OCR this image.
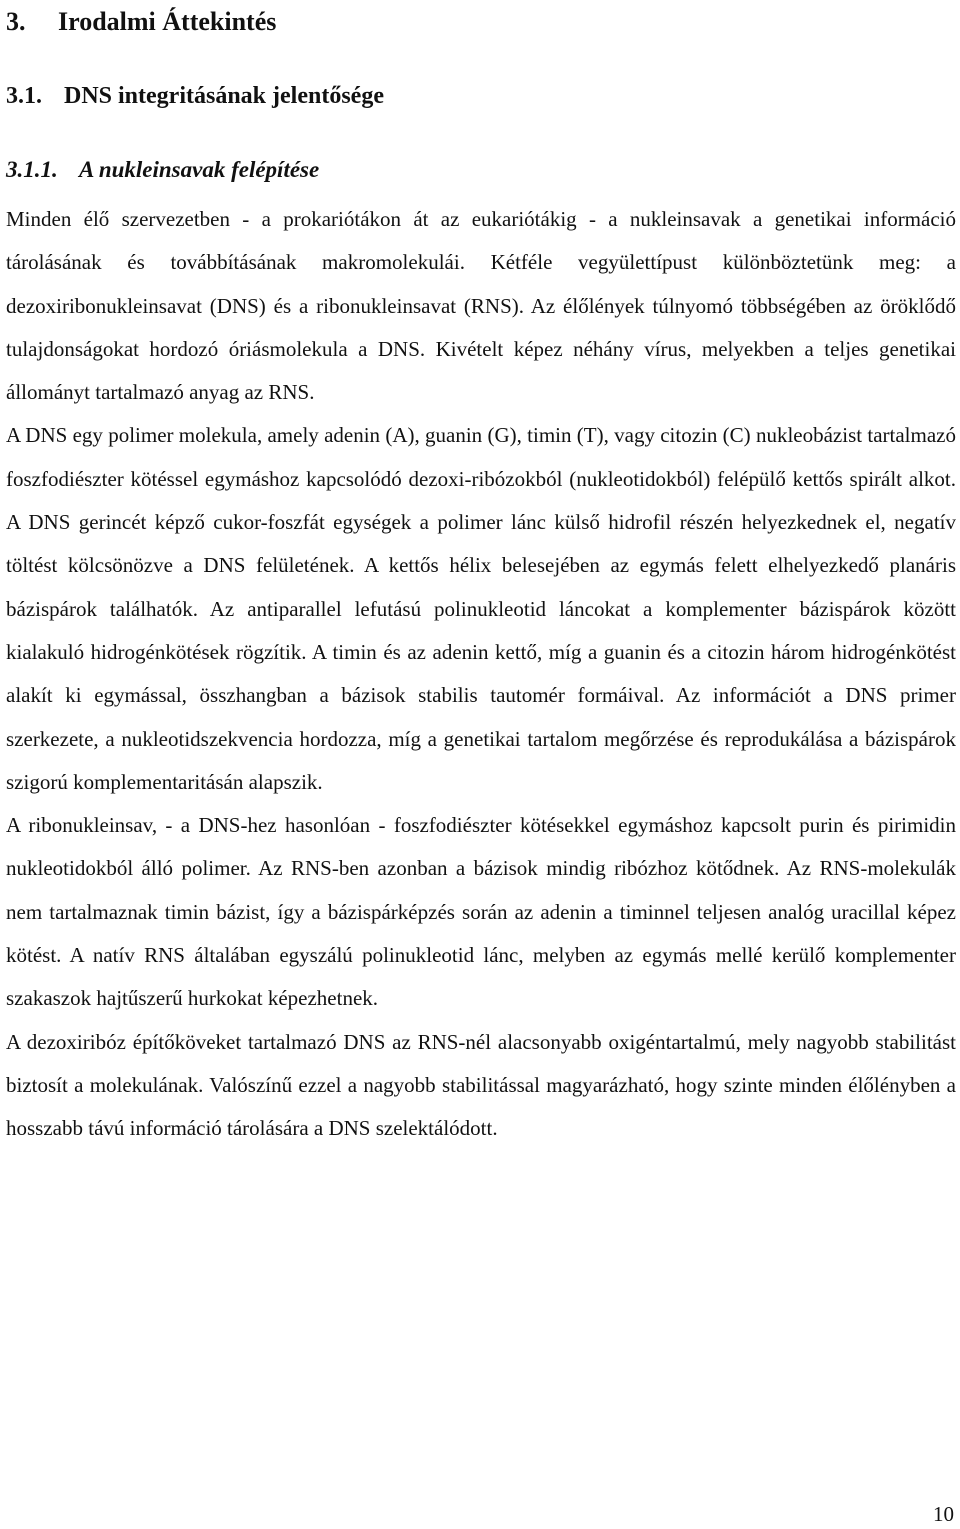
3. Irodalmi Áttekintés
3.1. DNS integritásának jelentősége
3.1.1. A nukleinsavak felépítése

Minden élő szervezetben - a prokariótákon át az eukariótákig - a nukleinsavak a genetikai információ tárolásának és továbbításának makromolekulái. Kétféle vegyülettípust különböztetünk meg: a dezoxiribonukleinsavat (DNS) és a ribonukleinsavat (RNS). Az élőlények túlnyomó többségében az öröklődő tulajdonságokat hordozó óriásmolekula a DNS. Kivételt képez néhány vírus, melyekben a teljes genetikai állományt tartalmazó anyag az RNS.

A DNS egy polimer molekula, amely adenin (A), guanin (G), timin (T), vagy citozin (C) nukleobázist tartalmazó foszfodiészter kötéssel egymáshoz kapcsolódó dezoxi-ribózokból (nukleotidokból) felépülő kettős spirált alkot. A DNS gerincét képző cukor-foszfát egységek a polimer lánc külső hidrofil részén helyezkednek el, negatív töltést kölcsönözve a DNS felületének. A kettős hélix belesejében az egymás felett elhelyezkedő planáris bázispárok találhatók. Az antiparallel lefutású polinukleotid láncokat a komplementer bázispárok között kialakuló hidrogénkötések rögzítik. A timin és az adenin kettő, míg a guanin és a citozin három hidrogénkötést alakít ki egymással, összhangban a bázisok stabilis tautomér formáival. Az információt a DNS primer szerkezete, a nukleotidszekvencia hordozza, míg a genetikai tartalom megőrzése és reprodukálása a bázispárok szigorú komplementaritásán alapszik.

A ribonukleinsav, - a DNS-hez hasonlóan - foszfodiészter kötésekkel egymáshoz kapcsolt purin és pirimidin nukleotidokból álló polimer. Az RNS-ben azonban a bázisok mindig ribózhoz kötődnek. Az RNS-molekulák nem tartalmaznak timin bázist, így a bázispárképzés során az adenin a timinnel teljesen analóg uracillal képez kötést. A natív RNS általában egyszálú polinukleotid lánc, melyben az egymás mellé kerülő komplementer szakaszok hajtűszerű hurkokat képezhetnek.

A dezoxiribóz építőköveket tartalmazó DNS az RNS-nél alacsonyabb oxigéntartalmú, mely nagyobb stabilitást biztosít a molekulának. Valószínű ezzel a nagyobb stabilitással magyarázható, hogy szinte minden élőlényben a hosszabb távú információ tárolására a DNS szelektálódott.

10
